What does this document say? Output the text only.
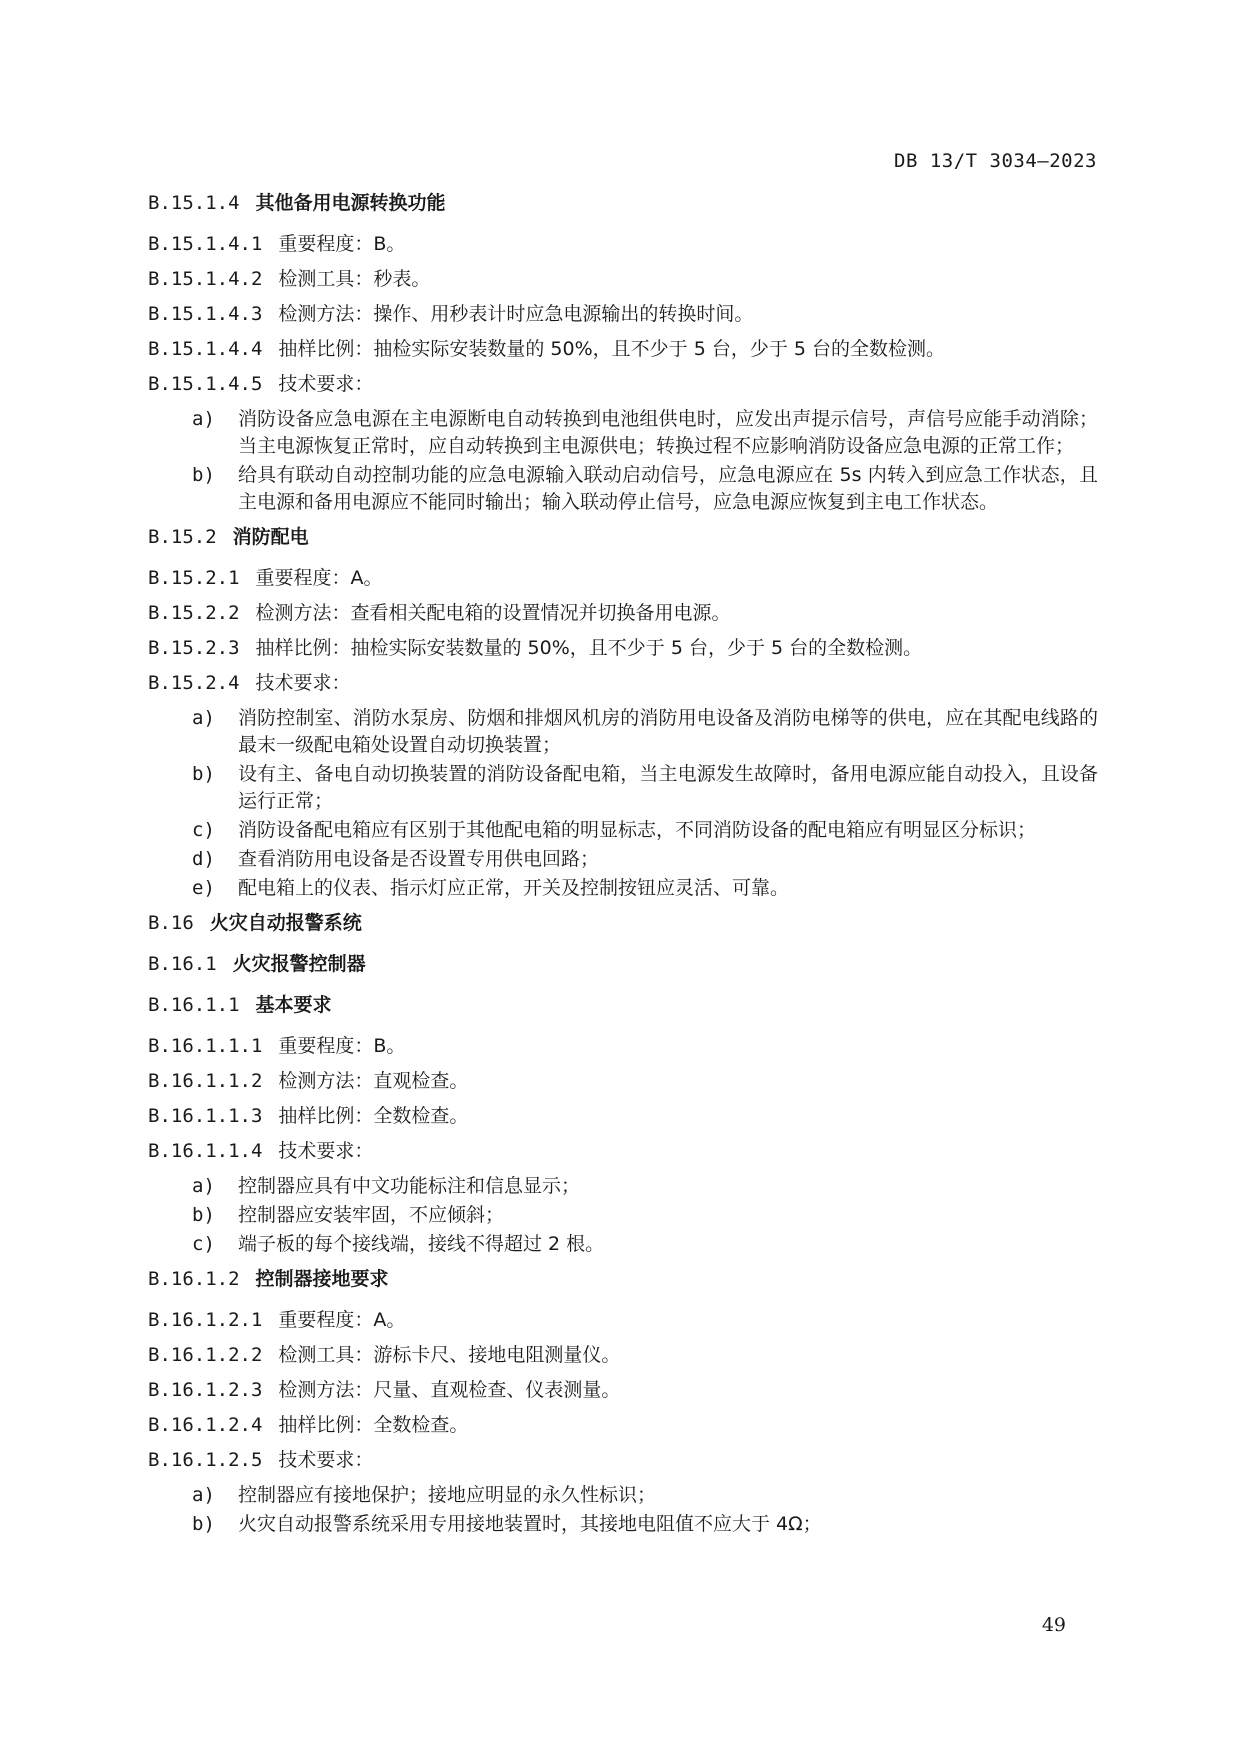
DB 13/T 3034—2023
B.15.1.4 其他备用电源转换功能
B.15.1.4.1 重要程度：B。
B.15.1.4.2 检测工具：秒表。
B.15.1.4.3 检测方法：操作、用秒表计时应急电源输出的转换时间。
B.15.1.4.4 抽样比例：抽检实际安装数量的 50%，且不少于 5 台，少于 5 台的全数检测。
B.15.1.4.5 技术要求：
a)	消防设备应急电源在主电源断电自动转换到电池组供电时，应发出声提示信号，声信号应能手动消除；当主电源恢复正常时，应自动转换到主电源供电；转换过程不应影响消防设备应急电源的正常工作；
b)	给具有联动自动控制功能的应急电源输入联动启动信号，应急电源应在 5s 内转入到应急工作状态，且主电源和备用电源应不能同时输出；输入联动停止信号，应急电源应恢复到主电工作状态。
B.15.2 消防配电
B.15.2.1 重要程度：A。
B.15.2.2 检测方法：查看相关配电箱的设置情况并切换备用电源。
B.15.2.3 抽样比例：抽检实际安装数量的 50%，且不少于 5 台，少于 5 台的全数检测。
B.15.2.4 技术要求：
a)	消防控制室、消防水泵房、防烟和排烟风机房的消防用电设备及消防电梯等的供电，应在其配电线路的最末一级配电箱处设置自动切换装置；
b)	设有主、备电自动切换装置的消防设备配电箱，当主电源发生故障时，备用电源应能自动投入，且设备运行正常；
c)	消防设备配电箱应有区别于其他配电箱的明显标志，不同消防设备的配电箱应有明显区分标识；
d)	查看消防用电设备是否设置专用供电回路；
e)	配电箱上的仪表、指示灯应正常，开关及控制按钮应灵活、可靠。
B.16 火灾自动报警系统
B.16.1 火灾报警控制器
B.16.1.1 基本要求
B.16.1.1.1 重要程度：B。
B.16.1.1.2 检测方法：直观检查。
B.16.1.1.3 抽样比例：全数检查。
B.16.1.1.4 技术要求：
a)	控制器应具有中文功能标注和信息显示；
b)	控制器应安装牢固，不应倾斜；
c)	端子板的每个接线端，接线不得超过 2 根。
B.16.1.2 控制器接地要求
B.16.1.2.1 重要程度：A。
B.16.1.2.2 检测工具：游标卡尺、接地电阻测量仪。
B.16.1.2.3 检测方法：尺量、直观检查、仪表测量。
B.16.1.2.4 抽样比例：全数检查。
B.16.1.2.5 技术要求：
a)	控制器应有接地保护；接地应明显的永久性标识；
b)	火灾自动报警系统采用专用接地装置时，其接地电阻值不应大于 4Ω；
49
